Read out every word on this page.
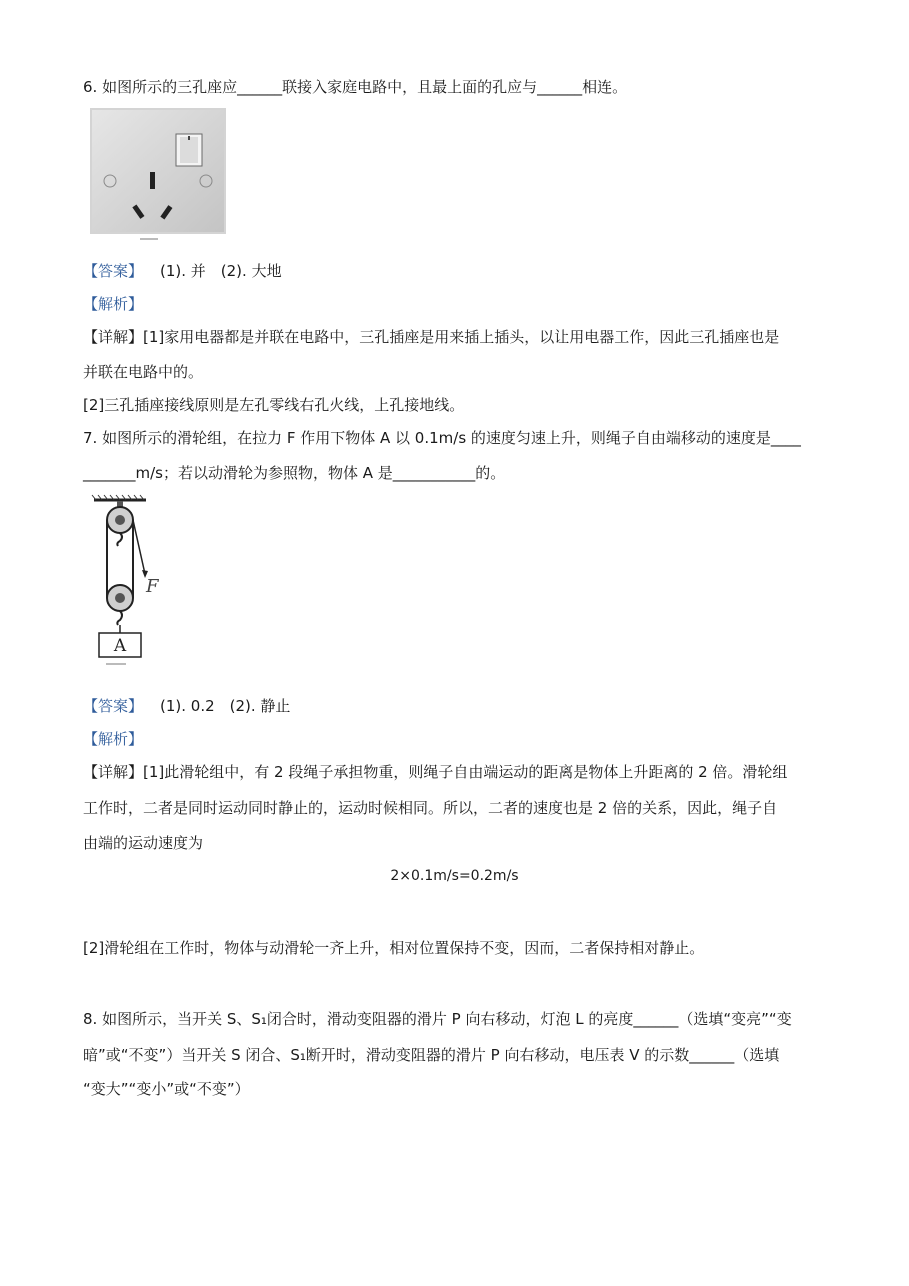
6. 如图所示的三孔座应______联接入家庭电路中，且最上面的孔应与______相连。
【答案】 (1). 并　(2). 大地
【解析】
【详解】[1]家用电器都是并联在电路中，三孔插座是用来插上插头，以让用电器工作，因此三孔插座也是
并联在电路中的。
[2]三孔插座接线原则是左孔零线右孔火线，上孔接地线。
7. 如图所示的滑轮组，在拉力 F 作用下物体 A 以 0.1m/s 的速度匀速上升，则绳子自由端移动的速度是____
_______m/s；若以动滑轮为参照物，物体 A 是___________的。
F
A
【答案】 (1). 0.2　(2). 静止
【解析】
【详解】[1]此滑轮组中，有 2 段绳子承担物重，则绳子自由端运动的距离是物体上升距离的 2 倍。滑轮组
工作时，二者是同时运动同时静止的，运动时候相同。所以，二者的速度也是 2 倍的关系，因此，绳子自
由端的运动速度为
2×0.1m/s=0.2m/s
[2]滑轮组在工作时，物体与动滑轮一齐上升，相对位置保持不变，因而，二者保持相对静止。
8. 如图所示，当开关 S、S₁闭合时，滑动变阻器的滑片 P 向右移动，灯泡 L 的亮度______（选填“变亮”“变
暗”或“不变”）当开关 S 闭合、S₁断开时，滑动变阻器的滑片 P 向右移动，电压表 V 的示数______（选填
“变大”“变小”或“不变”）
